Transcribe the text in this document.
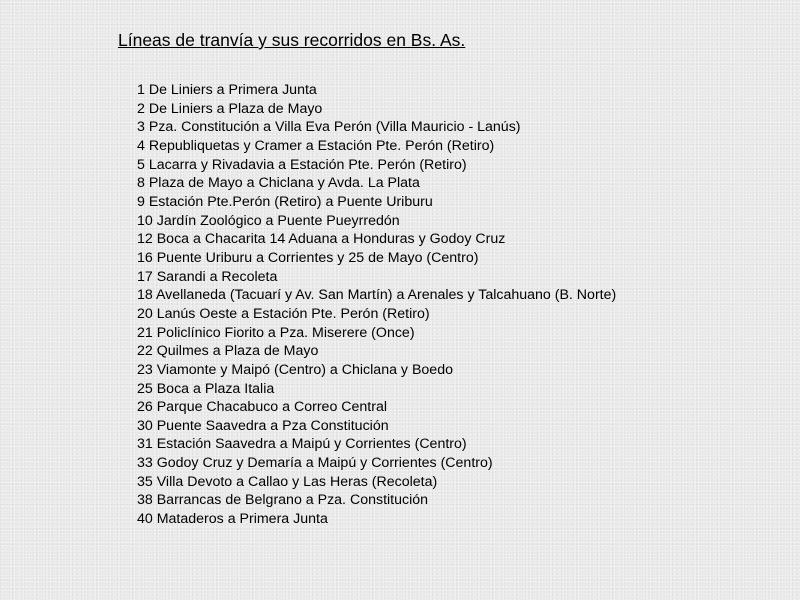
Líneas de tranvía y sus recorridos en Bs. As.
1 De Liniers a Primera Junta
2 De Liniers a Plaza de Mayo
3 Pza. Constitución a Villa Eva Perón (Villa Mauricio - Lanús)
4 Republiquetas y Cramer a Estación Pte. Perón (Retiro)
5 Lacarra y Rivadavia a Estación Pte. Perón (Retiro)
8 Plaza de Mayo a Chiclana y Avda. La Plata
9 Estación Pte.Perón (Retiro) a Puente Uriburu
10 Jardín Zoológico a Puente Pueyrredón
12 Boca a Chacarita 14 Aduana a Honduras y Godoy Cruz
16 Puente Uriburu a Corrientes y 25 de Mayo (Centro)
17 Sarandi a Recoleta
18 Avellaneda (Tacuarí y Av. San Martín) a Arenales y Talcahuano (B. Norte)
20 Lanús Oeste a Estación Pte. Perón (Retiro)
21 Policlínico Fiorito a Pza. Miserere (Once)
22 Quilmes a Plaza de Mayo
23 Viamonte y Maipó (Centro) a Chiclana y Boedo
25 Boca a Plaza Italia
26 Parque Chacabuco a Correo Central
30 Puente Saavedra a Pza Constitución
31 Estación Saavedra a Maipú y Corrientes (Centro)
33 Godoy Cruz y Demaría a Maipú y Corrientes (Centro)
35 Villa Devoto a Callao y Las Heras (Recoleta)
38 Barrancas de Belgrano a Pza. Constitución
40 Mataderos a Primera Junta
